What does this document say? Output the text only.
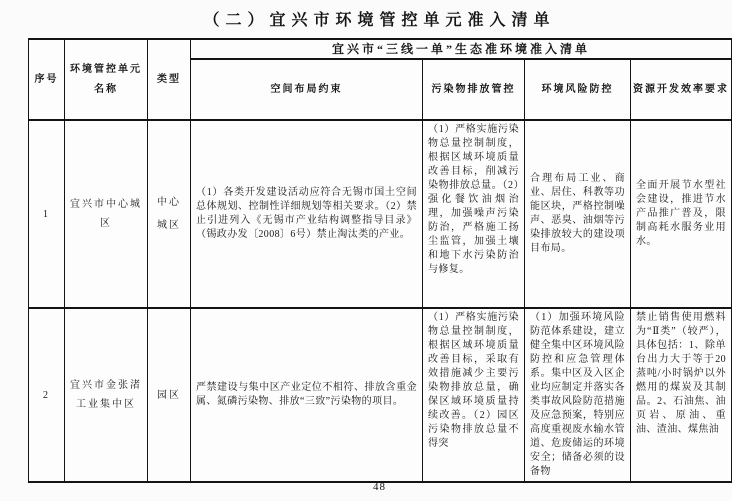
（二）宜兴市环境管控单元准入清单
序号	环境管控单元名称	类型	宜兴市“三线一单”生态准环境准入清单			
			空间布局约束	污染物排放管控	环境风险防控	资源开发效率要求
1	宜兴市中心城区	中心城区	（1）各类开发建设活动应符合无锡市国土空间总体规划、控制性详细规划等相关要求。（2）禁止引进列入《无锡市产业结构调整指导目录》（锡政办发〔2008〕6号）禁止淘汰类的产业。	（1）严格实施污染物总量控制制度，根据区域环境质量改善目标，削减污染物排放总量。（2）强化餐饮油烟治理，加强噪声污染防治，严格施工扬尘监管，加强土壤和地下水污染防治与修复。	合理布局工业、商业、居住、科教等功能区块，严格控制噪声、恶臭、油烟等污染排放较大的建设项目布局。	全面开展节水型社会建设，推进节水产品推广普及，限制高耗水服务业用水。
2	宜兴市金张渚工业集中区	园区	严禁建设与集中区产业定位不相符、排放含重金属、氮磷污染物、排放“三致”污染物的项目。	（1）严格实施污染物总量控制制度，根据区域环境质量改善目标，采取有效措施减少主要污染物排放总量，确保区域环境质量持续改善。（2）园区污染物排放总量不得突	（1）加强环境风险防范体系建设，建立健全集中区环境风险防控和应急管理体系。集中区及入区企业均应制定并落实各类事故风险防范措施及应急预案，特别应高度重视废水输水管道、危废储运的环境安全；储备必须的设备物	禁止销售使用燃料为“Ⅱ类”（较严），具体包括：1、除单台出力大于等于20蒸吨/小时锅炉以外燃用的煤炭及其制品。2、石油焦、油页岩、原油、重油、渣油、煤焦油
48
